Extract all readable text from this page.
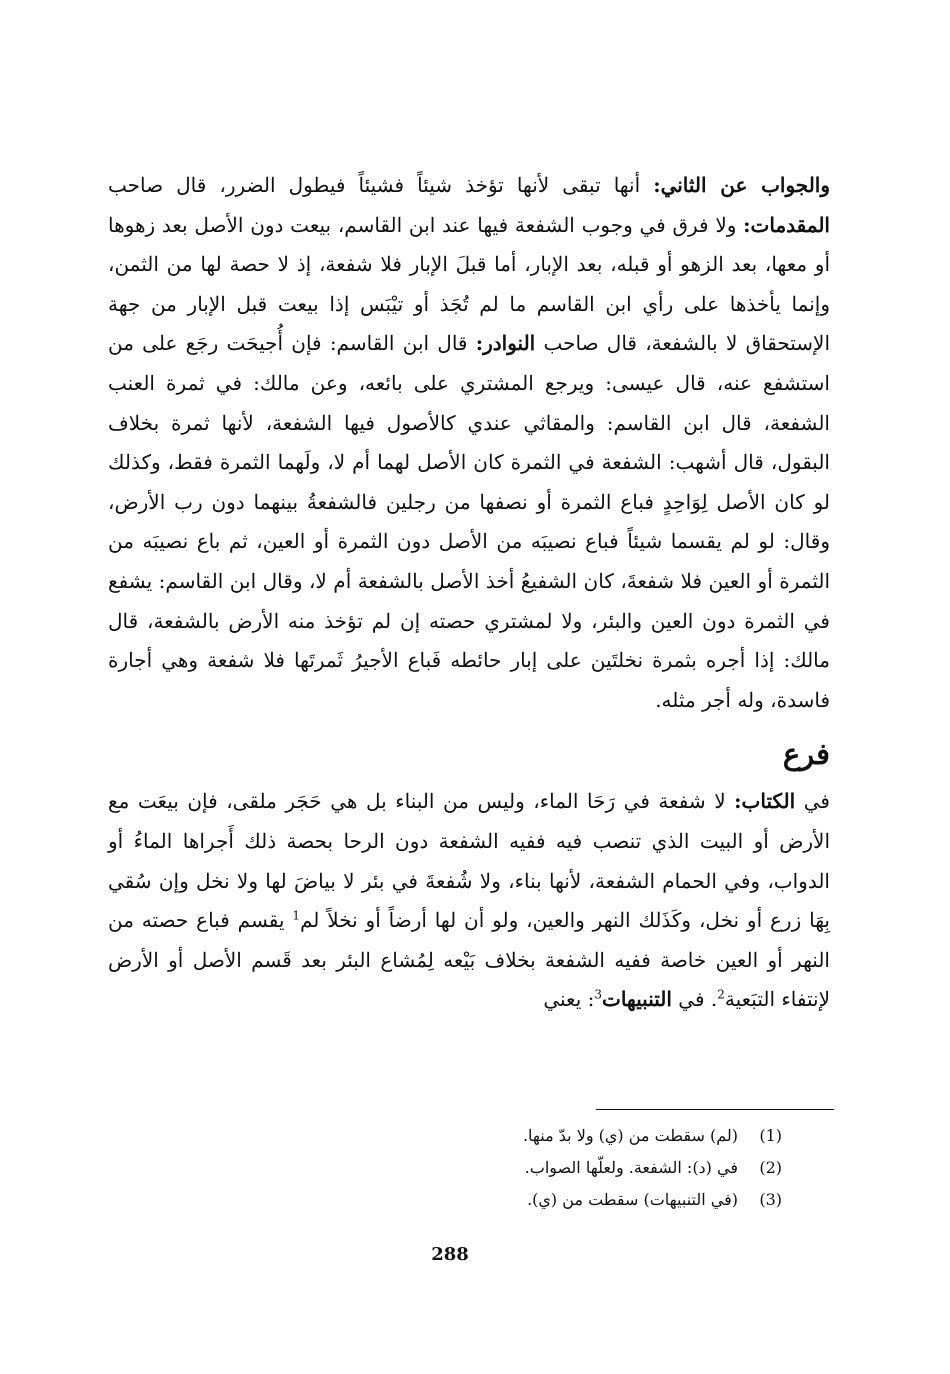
والجواب عن الثاني: أنها تبقى لأنها تؤخذ شيئاً فشيئاً فيطول الضرر، قال صاحب المقدمات: ولا فرق في وجوب الشفعة فيها عند ابن القاسم، بيعت دون الأصل بعد زهوها أو معها، بعد الزهو أو قبله، بعد الإبار، أما قبلَ الإبار فلا شفعة، إذ لا حصة لها من الثمن، وإنما يأخذها على رأي ابن القاسم ما لم تُجَذ أو تيْبَس إذا بيعت قبل الإبار من جهة الإستحقاق لا بالشفعة، قال صاحب النوادر: قال ابن القاسم: فإن أُجيحَت رجَع على من استشفع عنه، قال عيسى: ويرجع المشتري على بائعه، وعن مالك: في ثمرة العنب الشفعة، قال ابن القاسم: والمقاثي عندي كالأصول فيها الشفعة، لأنها ثمرة بخلاف البقول، قال أشهب: الشفعة في الثمرة كان الأصل لهما أم لا، ولَهما الثمرة فقط، وكذلك لو كان الأصل لِوَاحِدٍ فباع الثمرة أو نصفها من رجلين فالشفعةُ بينهما دون رب الأرض، وقال: لو لم يقسما شيئاً فباع نصيبَه من الأصل دون الثمرة أو العين، ثم باع نصيبَه من الثمرة أو العين فلا شفعةَ، كان الشفيعُ أخذ الأصل بالشفعة أم لا، وقال ابن القاسم: يشفع في الثمرة دون العين والبئر، ولا لمشتري حصته إن لم تؤخذ منه الأرض بالشفعة، قال مالك: إذا أجره بثمرة نخلتَين على إبار حائطه فَباع الأجيرُ ثَمرتَها فلا شفعة وهي أجارة فاسدة، وله أجر مثله.

فرع

في الكتاب: لا شفعة في رَحَا الماء، وليس من البناء بل هي حَجَر ملقى، فإن بيعَت مع الأرض أو البيت الذي تنصب فيه ففيه الشفعة دون الرحا بحصة ذلك أَجراها الماءُ أو الدواب، وفي الحمام الشفعة، لأنها بناء، ولا شُفعةَ في بئر لا بياضَ لها ولا نخل وإن سُقي بِهَا زرع أو نخل، وكَذَلك النهر والعين، ولو أن لها أرضاً أو نخلاً لم$^1$ يقسم فباع حصته من النهر أو العين خاصة ففيه الشفعة بخلاف بَيْعه لِمُشاع البئر بعد قَسم الأصل أو الأرض لإنتفاء التبَعية$^2$. في التنبيهات$^3$: يعني

(1)
(لم) سقطت من (ي) ولا بدّ منها.
(2)
في (د): الشفعة. ولعلّها الصواب.
(3)
(في التنبيهات) سقطت من (ي).
288
